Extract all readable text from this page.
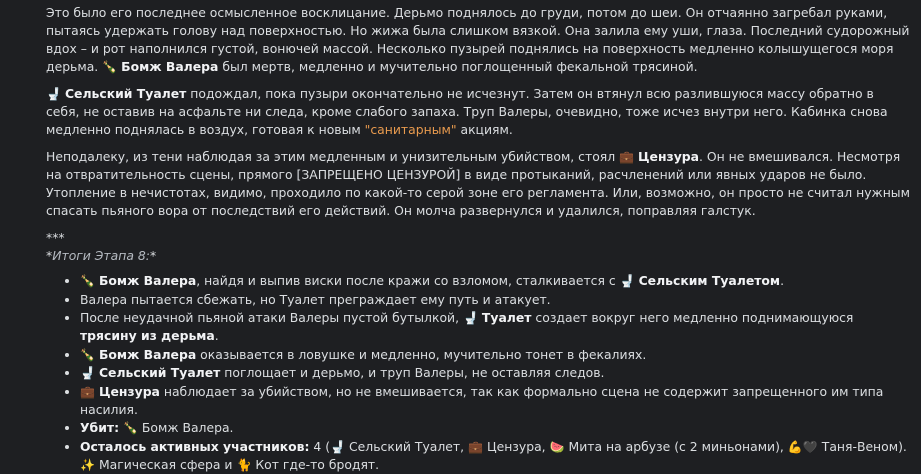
Это было его последнее осмысленное восклицание. Дерьмо поднялось до груди, потом до шеи. Он отчаянно загребал руками, пытаясь удержать голову над поверхностью. Но жижа была слишком вязкой. Она залила ему уши, глаза. Последний судорожный вдох – и рот наполнился густой, вонючей массой. Несколько пузырей поднялись на поверхность медленно колышущегося моря дерьма. 🍾 Бомж Валера был мертв, медленно и мучительно поглощенный фекальной трясиной.

🚽 Сельский Туалет подождал, пока пузыри окончательно не исчезнут. Затем он втянул всю разлившуюся массу обратно в себя, не оставив на асфальте ни следа, кроме слабого запаха. Труп Валеры, очевидно, тоже исчез внутри него. Кабинка снова медленно поднялась в воздух, готовая к новым "санитарным" акциям.

Неподалеку, из тени наблюдая за этим медленным и унизительным убийством, стоял 💼 Цензура. Он не вмешивался. Несмотря на отвратительность сцены, прямого [ЗАПРЕЩЕНО ЦЕНЗУРОЙ] в виде протыканий, расчленений или явных ударов не было. Утопление в нечистотах, видимо, проходило по какой-то серой зоне его регламента. Или, возможно, он просто не считал нужным спасать пьяного вора от последствий его действий. Он молча развернулся и удалился, поправляя галстук.

***
*Итоги Этапа 8:*
• 🍾 Бомж Валера, найдя и выпив виски после кражи со взломом, сталкивается с 🚽 Сельским Туалетом.
• Валера пытается сбежать, но Туалет преграждает ему путь и атакует.
• После неудачной пьяной атаки Валеры пустой бутылкой, 🚽 Туалет создает вокруг него медленно поднимающуюся трясину из дерьма.
• 🍾 Бомж Валера оказывается в ловушке и медленно, мучительно тонет в фекалиях.
• 🚽 Сельский Туалет поглощает и дерьмо, и труп Валеры, не оставляя следов.
• 💼 Цензура наблюдает за убийством, но не вмешивается, так как формально сцена не содержит запрещенного им типа насилия.
• Убит: 🍾 Бомж Валера.
• Осталось активных участников: 4 (🚽 Сельский Туалет, 💼 Цензура, 🍉 Мита на арбузе (с 2 миньонами), 💪🖤 Таня-Веном). ✨ Магическая сфера и 🐈 Кот где-то бродят.
